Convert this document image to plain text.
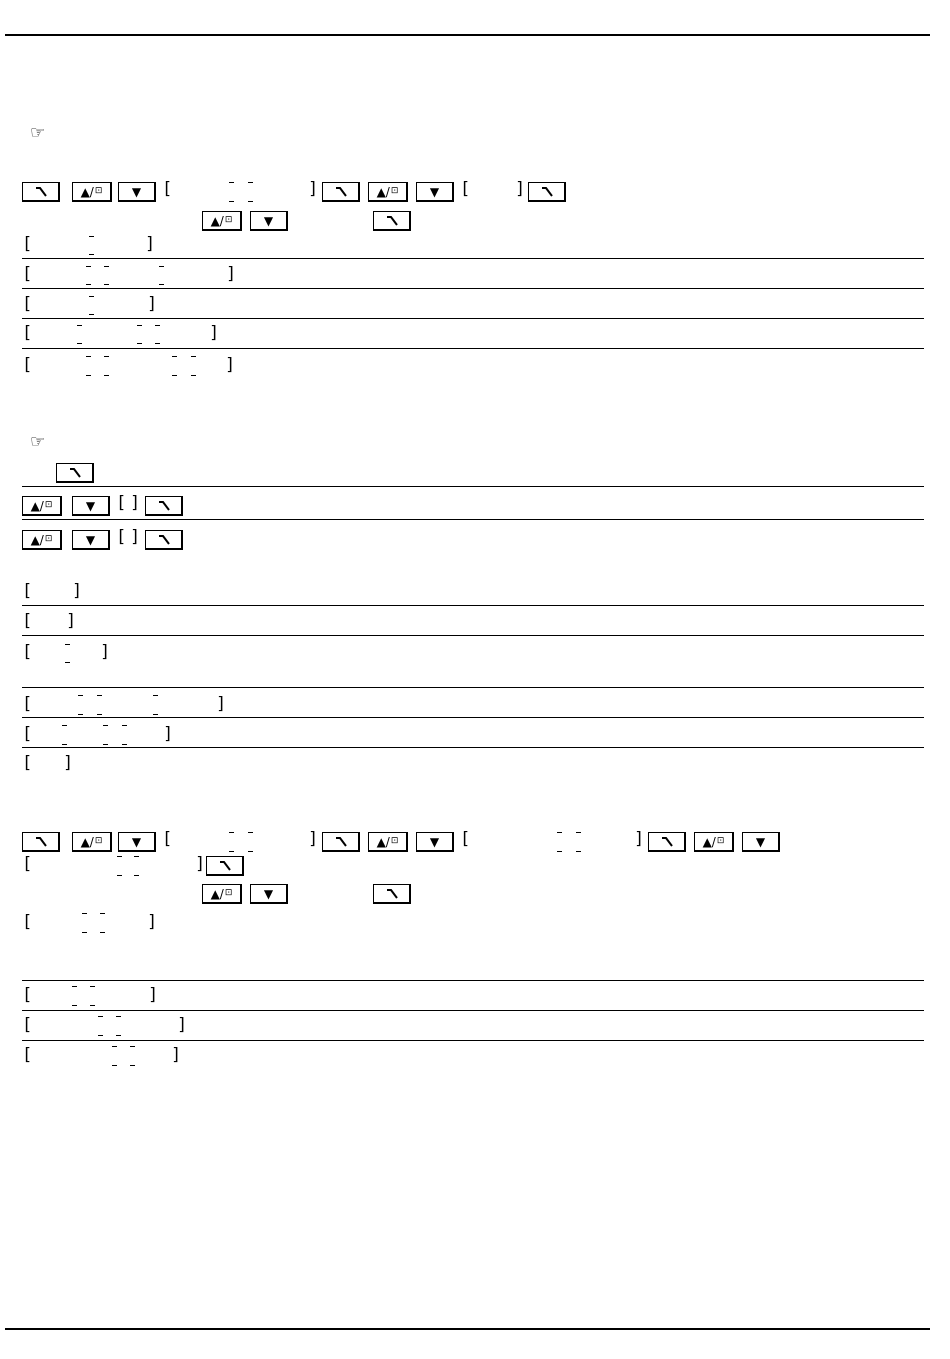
☞
▲/ ⊡ ▼ [	]	▲/ ⊡	▼ [	]
▲/ ⊡	▼
[	]
[	]
[	]
[	]
[	]
☞
▲/ ⊡	▼ [ ]
▲/ ⊡	▼ [ ]
[ ]
[ ]
[	]
[	]
[	]
[ ]
▲/ ⊡ ▼ [	]	▲/ ⊡	▼ [	]	▲/ ⊡	▼
[	]
▲/ ⊡	▼
[	]
[	]
[	]
[	]
